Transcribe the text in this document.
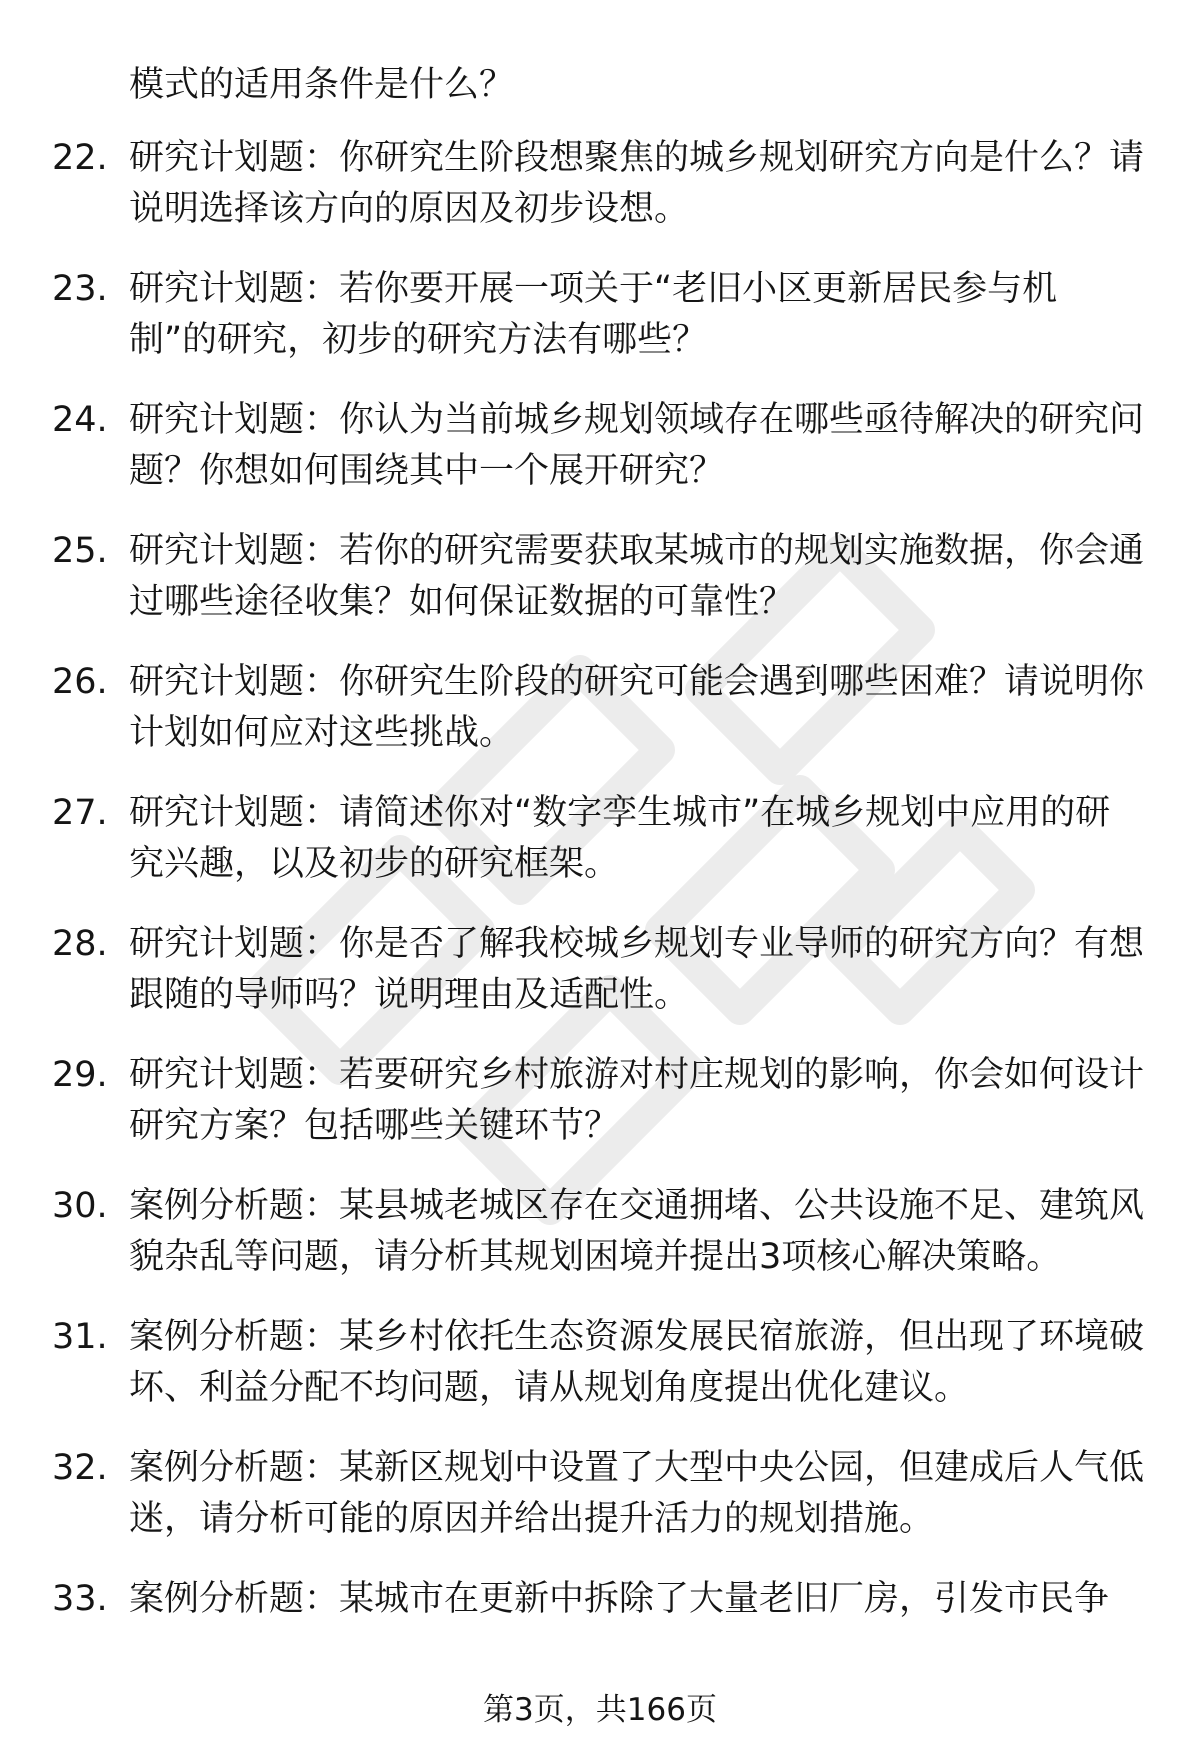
模式的适用条件是什么？

22. 研究计划题：你研究生阶段想聚焦的城乡规划研究方向是什么？请说明选择该方向的原因及初步设想。

23. 研究计划题：若你要开展一项关于“老旧小区更新居民参与机制”的研究，初步的研究方法有哪些？

24. 研究计划题：你认为当前城乡规划领域存在哪些亟待解决的研究问题？你想如何围绕其中一个展开研究？

25. 研究计划题：若你的研究需要获取某城市的规划实施数据，你会通过哪些途径收集？如何保证数据的可靠性？

26. 研究计划题：你研究生阶段的研究可能会遇到哪些困难？请说明你计划如何应对这些挑战。

27. 研究计划题：请简述你对“数字孪生城市”在城乡规划中应用的研究兴趣，以及初步的研究框架。

28. 研究计划题：你是否了解我校城乡规划专业导师的研究方向？有想跟随的导师吗？说明理由及适配性。

29. 研究计划题：若要研究乡村旅游对村庄规划的影响，你会如何设计研究方案？包括哪些关键环节？

30. 案例分析题：某县城老城区存在交通拥堵、公共设施不足、建筑风貌杂乱等问题，请分析其规划困境并提出3项核心解决策略。

31. 案例分析题：某乡村依托生态资源发展民宿旅游，但出现了环境破坏、利益分配不均问题，请从规划角度提出优化建议。

32. 案例分析题：某新区规划中设置了大型中央公园，但建成后人气低迷，请分析可能的原因并给出提升活力的规划措施。

33. 案例分析题：某城市在更新中拆除了大量老旧厂房，引发市民争

第3页，共166页
